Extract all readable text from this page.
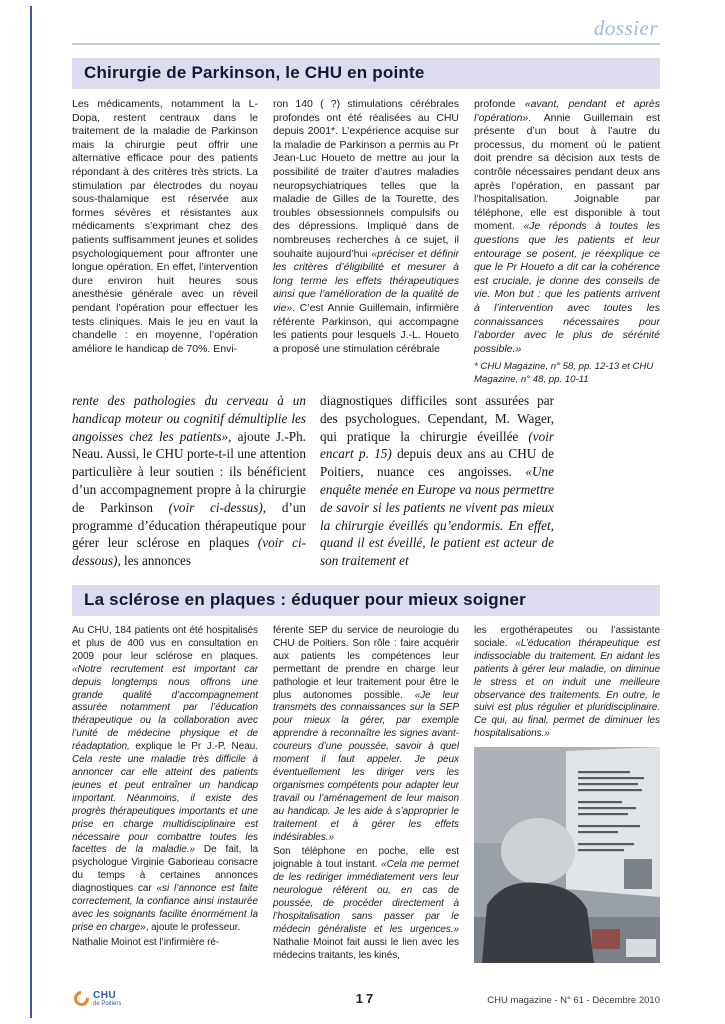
dossier
Chirurgie de Parkinson, le CHU en pointe

Les médicaments, notamment la L-Dopa, restent centraux dans le traitement de la maladie de Parkinson mais la chirurgie peut offrir une alternative efficace pour des patients répondant à des critères très stricts. La stimulation par électrodes du noyau sous-thalamique est réservée aux formes sévères et résistantes aux médicaments s’exprimant chez des patients suffisamment jeunes et solides psychologiquement pour affronter une longue opération. En effet, l’intervention dure environ huit heures sous anesthésie générale avec un réveil pendant l’opération pour effectuer les tests cliniques. Mais le jeu en vaut la chandelle : en moyenne, l’opération améliore le handicap de 70%. Envi-

ron 140 ( ?) stimulations cérébrales profondes ont été réalisées au CHU depuis 2001*. L’expérience acquise sur la maladie de Parkinson a permis au Pr Jean-Luc Houeto de mettre au jour la possibilité de traiter d’autres maladies neuropsychiatriques telles que la maladie de Gilles de la Tourette, des troubles obsessionnels compulsifs ou des dépressions. Impliqué dans de nombreuses recherches à ce sujet, il souhaite aujourd’hui «préciser et définir les critères d’éligibilité et mesurer à long terme les effets thérapeutiques ainsi que l’amélioration de la qualité de vie». C’est Annie Guillemain, infirmière référente Parkinson, qui accompagne les patients pour lesquels J.-L. Houeto a proposé une stimulation cérébrale

profonde «avant, pendant et après l’opération». Annie Guillemain est présente d’un bout à l’autre du processus, du moment où le patient doit prendre sa décision aux tests de contrôle nécessaires pendant deux ans après l’opération, en passant par l’hospitalisation. Joignable par téléphone, elle est disponible à tout moment. «Je réponds à toutes les questions que les patients et leur entourage se posent, je réexplique ce que le Pr Houeto a dit car la cohérence est cruciale, je donne des conseils de vie. Mon but : que les patients arrivent à l’intervention avec toutes les connaissances nécessaires pour l’aborder avec le plus de sérénité possible.»

* CHU Magazine, n° 58, pp. 12-13 et CHU Magazine, n° 48, pp. 10-11

rente des pathologies du cerveau à un handicap moteur ou cognitif démultiplie les angoisses chez les patients», ajoute J.-Ph. Neau. Aussi, le CHU porte-t-il une attention particulière à leur soutien : ils bénéficient d’un accompagnement propre à la chirurgie de Parkinson (voir ci-dessus), d’un programme d’éducation thérapeutique pour gérer leur sclérose en plaques (voir ci-dessous), les annonces

diagnostiques difficiles sont assurées par des psychologues. Cependant, M. Wager, qui pratique la chirurgie éveillée (voir encart p. 15) depuis deux ans au CHU de Poitiers, nuance ces angoisses. «Une enquête menée en Europe va nous permettre de savoir si les patients ne vivent pas mieux la chirurgie éveillés qu’endormis. En effet, quand il est éveillé, le patient est acteur de son traitement et

La sclérose en plaques : éduquer pour mieux soigner

Au CHU, 184 patients ont été hospitalisés et plus de 400 vus en consultation en 2009 pour leur sclérose en plaques. «Notre recrutement est important car depuis longtemps nous offrons une grande qualité d’accompagnement assurée notamment par l’éducation thérapeutique ou la collaboration avec l’unité de médecine physique et de réadaptation, explique le Pr J.-P. Neau. Cela reste une maladie très difficile à annoncer car elle atteint des patients jeunes et peut entraîner un handicap important. Néanmoins, il existe des progrès thérapeutiques importants et une prise en charge multidisciplinaire est nécessaire pour combattre toutes les facettes de la maladie.» De fait, la psychologue Virginie Gaborieau consacre du temps à certaines annonces diagnostiques car «si l’annonce est faite correctement, la confiance ainsi instaurée avec les soignants facilite énormément la prise en charge», ajoute le professeur.

Nathalie Moinot est l’infirmière ré-

férente SEP du service de neurologie du CHU de Poitiers. Son rôle : faire acquérir aux patients les compétences leur permettant de prendre en charge leur pathologie et leur traitement pour être le plus autonomes possible. «Je leur transmets des connaissances sur la SEP pour mieux la gérer, par exemple apprendre à reconnaître les signes avant-coureurs d’une poussée, savoir à quel moment il faut appeler. Je peux éventuellement les diriger vers les organismes compétents pour adapter leur travail ou l’aménagement de leur maison au handicap. Je les aide à s’approprier le traitement et à gérer les effets indésirables.»

Son téléphone en poche, elle est joignable à tout instant. «Cela me permet de les rediriger immédiatement vers leur neurologue référent ou, en cas de poussée, de procéder directement à l’hospitalisation sans passer par le médecin généraliste et les urgences.» Nathalie Moinot fait aussi le lien avec les médecins traitants, les kinés,

les ergothérapeutes ou l’assistante sociale. «L’éducation thérapeutique est indissociable du traitement. En aidant les patients à gérer leur maladie, on diminue le stress et on induit une meilleure observance des traitements. En outre, le suivi est plus régulier et pluridisciplinaire. Ce qui, au final, permet de diminuer les hospitalisations.»

CHU
de Poitiers	17	CHU magazine - N° 61 - Décembre 2010
